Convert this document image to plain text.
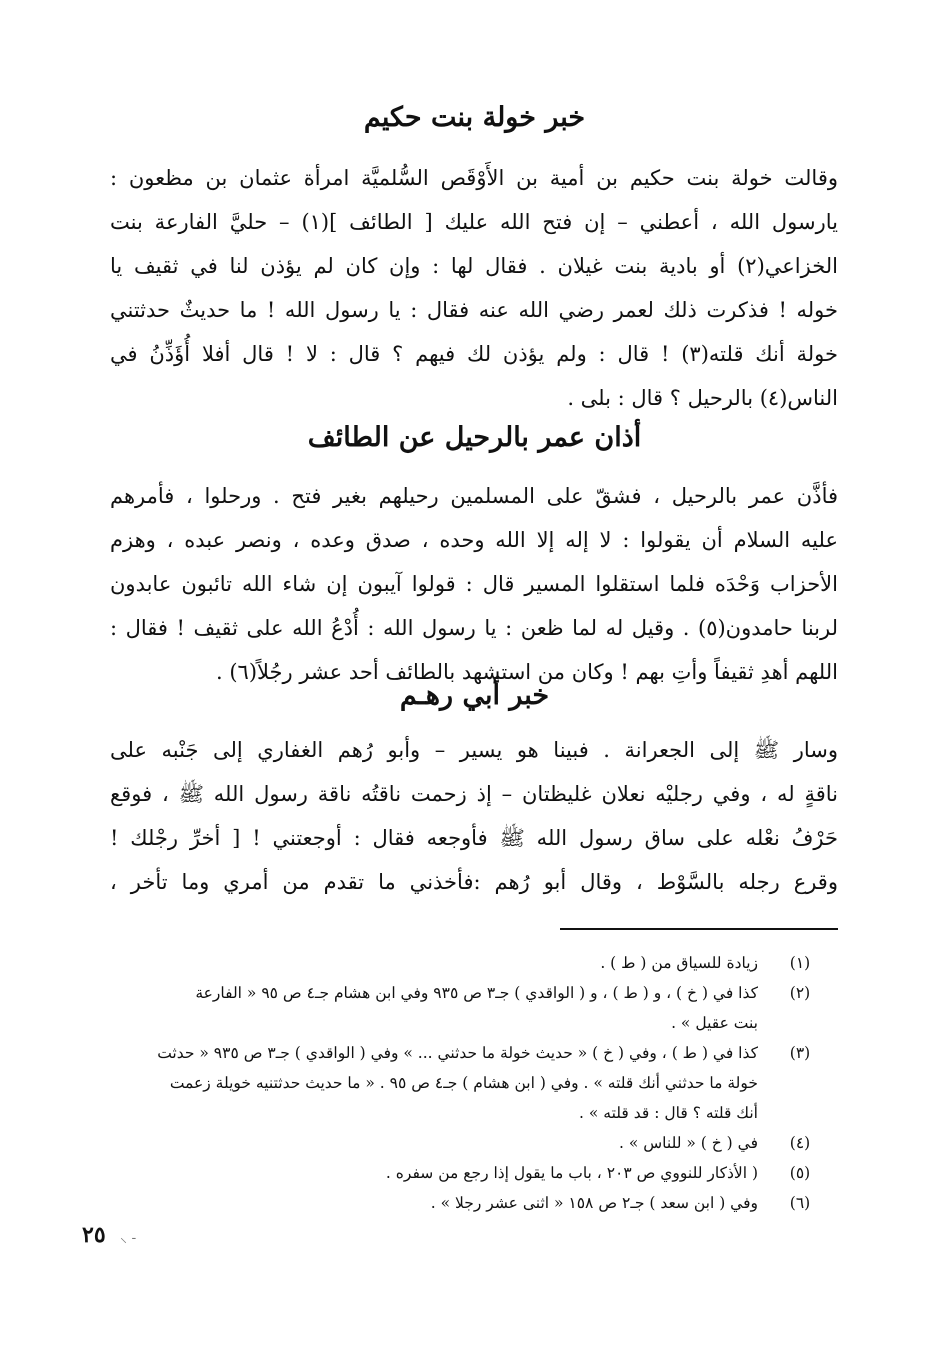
خبر خولة بنت حكيم
وقالت خولة بنت حكيم بن أمية بن الأَوْقَص السُّلميَّة امرأة عثمان بن مظعون :
يارسول الله ، أعطني – إن فتح الله عليك [ الطائف ](١) – حليَّ الفارعة بنت
الخزاعي(٢) أو بادية بنت غيلان . فقال لها : وإن كان لم يؤذن لنا في ثقيف يا
خوله ! فذكرت ذلك لعمر رضي الله عنه فقال : يا رسول الله ! ما حديثٌ حدثتني
خولة أنك قلته(٣) ! قال : ولم يؤذن لك فيهم ؟ قال : لا ! قال أفلا أُؤَذِّنُ في
الناس(٤) بالرحيل ؟ قال : بلى .
أذان عمر بالرحيل عن الطائف
فأذَّن عمر بالرحيل ، فشقّ على المسلمين رحيلهم بغير فتح . ورحلوا ، فأمرهم
عليه السلام أن يقولوا : لا إله إلا الله وحده ، صدق وعده ، ونصر عبده ، وهزم
الأحزاب وَحْدَه فلما استقلوا المسير قال : قولوا آيبون إن شاء الله تائبون عابدون
لربنا حامدون(٥) . وقيل له لما ظعن : يا رسول الله : أُدْعُ الله على ثقيف ! فقال :
اللهم أهدِ ثقيفاً وأتِ بهم ! وكان من استشهد بالطائف أحد عشر رجُلاً(٦) .
خبر أبي رهـم
وسار ﷺ إلى الجعرانة . فبينا هو يسير – وأبو رُهم الغفاري إلى جَنْبه على
ناقةٍ له ، وفي رجليْه نعلان غليظتان – إذ زحمت ناقتُه ناقة رسول الله ﷺ ، فوقع
حَرْفُ نعْله على ساق رسول الله ﷺ فأوجعه فقال : أوجعتني ! [ أخرِّ رجْلك !
وقرع رجله بالسَّوْط ، وقال أبو رُهم :فأخذني ما تقدم من أمري وما تأخر ،
(١)
زيادة للسياق من ( ط ) .
(٢)
كذا في ( خ ) ، و ( ط ) ، و ( الواقدي ) جـ٣ ص ٩٣٥ وفي ابن هشام جـ٤ ص ٩٥ « الفارعة
بنت عقيل » .
(٣)
كذا في ( ط ) ، وفي ( خ ) « حديث خولة ما حدثني ... » وفي ( الواقدي ) جـ٣ ص ٩٣٥ « حدثت
خولة ما حدثني أنك قلته » . وفي ( ابن هشام ) جـ٤ ص ٩٥ . « ما حديث حدثتنيه خويلة زعمت
أنك قلته ؟ قال : قد قلته » .
(٤)
في ( خ ) « للناس » .
(٥)
( الأذكار للنووي ص ٢٠٣ ، باب ما يقول إذا رجع من سفره .
(٦)
وفي ( ابن سعد ) جـ٢ ص ١٥٨ « اثنى عشر رجلا » .
٢٥ - ⸝
